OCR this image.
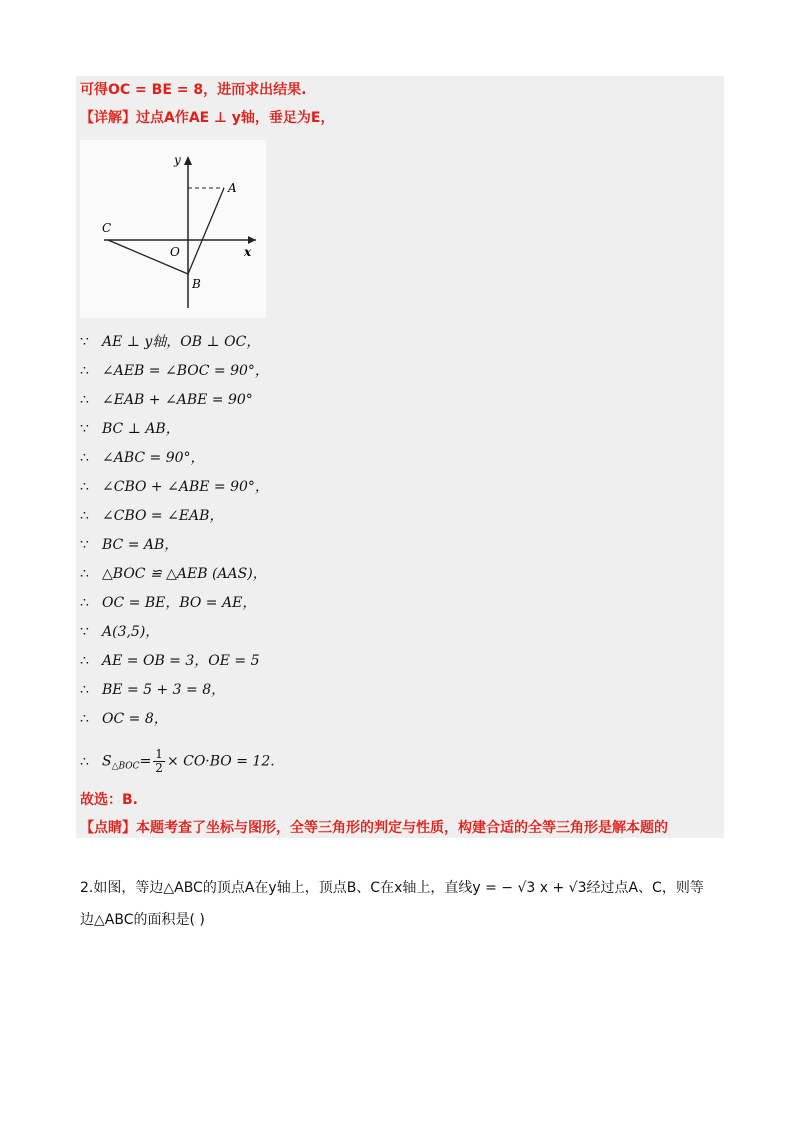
可得OC = BE = 8，进而求出结果.
【详解】过点A作AE ⊥ y轴，垂足为E，
y
x
A
B
C
O
∵ AE ⊥ y轴，OB ⊥ OC，
∴ ∠AEB = ∠BOC = 90°，
∴ ∠EAB + ∠ABE = 90°
∵ BC ⊥ AB，
∴ ∠ABC = 90°，
∴ ∠CBO + ∠ABE = 90°，
∴ ∠CBO = ∠EAB，
∵ BC = AB，
∴ △BOC ≌ △AEB (AAS)，
∴ OC = BE，BO = AE，
∵ A(3,5)，
∴ AE = OB = 3，OE = 5
∴ BE = 5 + 3 = 8，
∴ OC = 8，
∴ $S_{\triangle BOC}= \frac{1}{2} \times CO\cdot BO = 12$.
故选：B.
【点睛】本题考查了坐标与图形，全等三角形的判定与性质，构建合适的全等三角形是解本题的
2.如图，等边△ABC的顶点A在y轴上，顶点B、C在x轴上，直线y = − √3 x + √3经过点A、C，则等
边△ABC的面积是( )
